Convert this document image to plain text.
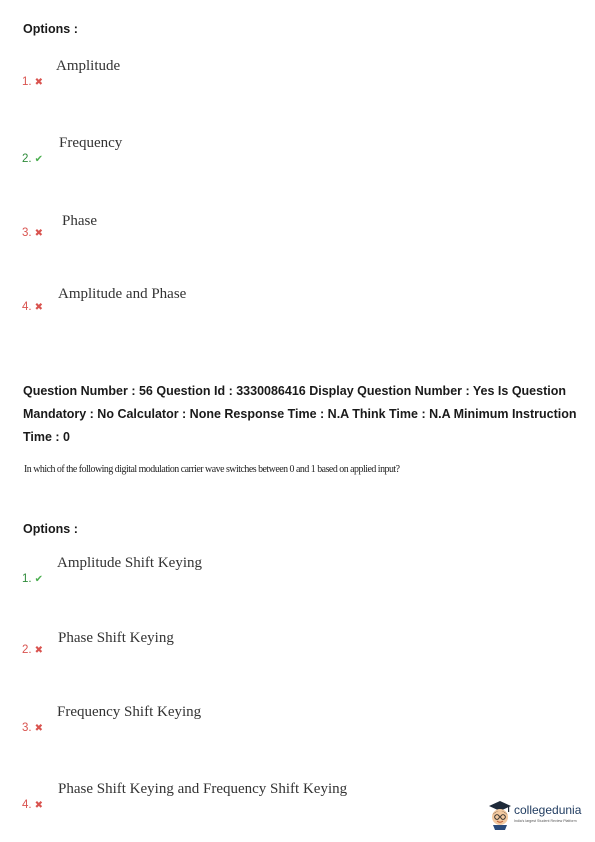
Options :
Amplitude
1. ✖
Frequency
2. ✔
Phase
3. ✖
Amplitude and Phase
4. ✖
Question Number : 56 Question Id : 3330086416 Display Question Number : Yes Is Question Mandatory : No Calculator : None Response Time : N.A Think Time : N.A Minimum Instruction Time : 0
In which of the following digital modulation carrier wave switches between 0 and 1 based on applied input?
Options :
Amplitude Shift Keying
1. ✔
Phase Shift Keying
2. ✖
Frequency Shift Keying
3. ✖
Phase Shift Keying and Frequency Shift Keying
4. ✖	collegedunia
India's largest Student Review Platform
